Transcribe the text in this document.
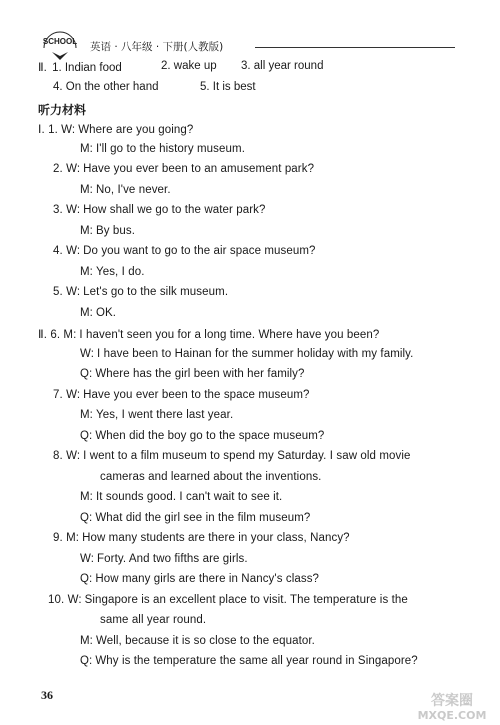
SCHOOL 英语 · 八年级 · 下册(人教版)
Ⅱ. 1. Indian food	2. wake up 3. all year round
4. On the other hand	5. It is best
听力材料
Ⅰ. 1. W: Where are you going?
M: I'll go to the history museum.
2. W: Have you ever been to an amusement park?
M: No, I've never.
3. W: How shall we go to the water park?
M: By bus.
4. W: Do you want to go to the air space museum?
M: Yes, I do.
5. W: Let's go to the silk museum.
M: OK.
Ⅱ. 6. M: I haven't seen you for a long time. Where have you been?
W: I have been to Hainan for the summer holiday with my family.
Q: Where has the girl been with her family?
7. W: Have you ever been to the space museum?
M: Yes, I went there last year.
Q: When did the boy go to the space museum?
8. W: I went to a film museum to spend my Saturday. I saw old movie
cameras and learned about the inventions.
M: It sounds good. I can't wait to see it.
Q: What did the girl see in the film museum?
9. M: How many students are there in your class, Nancy?
W: Forty. And two fifths are girls.
Q: How many girls are there in Nancy's class?
10. W: Singapore is an excellent place to visit. The temperature is the
same all year round.
M: Well, because it is so close to the equator.
Q: Why is the temperature the same all year round in Singapore?
36	答案圈
MXQE.COM
